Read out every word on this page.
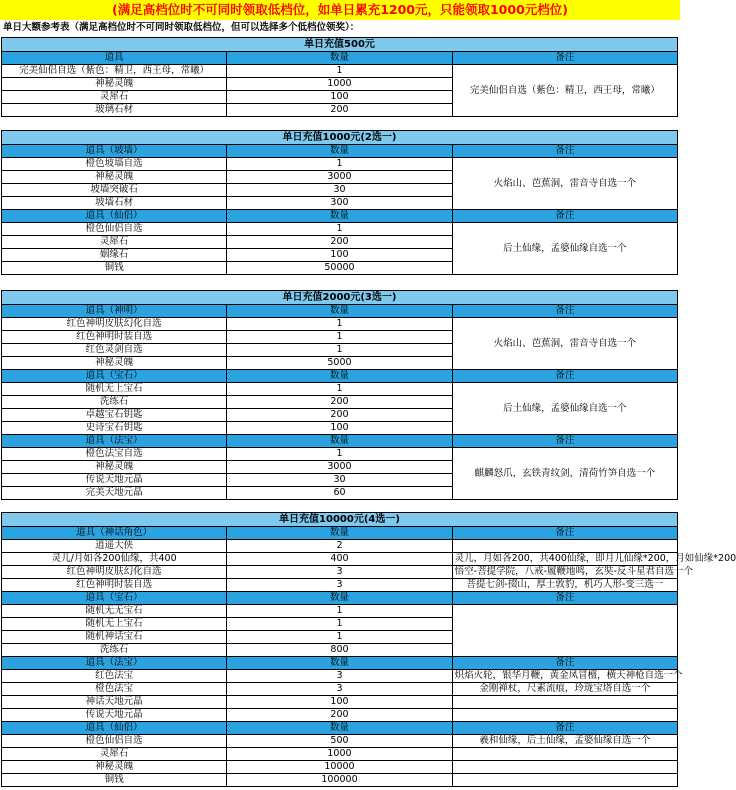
(满足高档位时不可同时领取低档位，如单日累充1200元，只能领取1000元档位)
单日大额参考表（满足高档位时不可同时领取低档位，但可以选择多个低档位领奖）：
单日充值500元		
道具	数量	备注
完美仙侣自选（紫色：精卫，西王母，常曦）	1	完美仙侣自选（紫色：精卫，西王母，常曦）
神秘灵魄	1000	
灵犀石	100	
玻璃石材	200	
单日充值1000元(2选一)		
道具（坡墙）	数量	备注
橙色坡墙自选	1	火焰山、芭蕉洞，雷音寺自选一个
神秘灵魄	3000	
坡墙突破石	30	
坡墙石材	300	
道具（仙侣）	数量	备注
橙色仙侣自选	1	后土仙缘，孟婆仙缘自选一个
灵犀石	200	
姻缘石	100	
铜钱	50000	
单日充值2000元(3选一)		
道具（神明）	数量	备注
红色神明皮肤幻化自选	1	火焰山、芭蕉洞，雷音寺自选一个
红色神明时装自选	1	
红色灵剑自选	1	
神秘灵魄	5000	
道具（宝石）	数量	备注
随机无上宝石	1	后土仙缘，孟婆仙缘自选一个
洗练石	200	
卓越宝石钥匙	200	
史诗宝石钥匙	100	
道具（法宝）	数量	备注
橙色法宝自选	1	麒麟怒爪，玄铁青纹剑，清荷竹笋自选一个
神秘灵魄	3000	
传说天地元晶	30	
完美天地元晶	60	
单日充值10000元(4选一)		
道具（神话角色）	数量	备注
逍遥大侠	2	
灵儿/月如各200仙缘，共400	400	灵儿，月如各200，共400仙缘，即月儿仙缘*200，月如仙缘*200
红色神明皮肤幻化自选	3	悟空-菩提学院，八戒-履鞭地鸣，玄奘-反斗星君自选一个
红色神明时装自选	3	菩提七剑-掇山，厚土敦豹，机巧人形-变三选一
道具（宝石）	数量	备注
随机无无宝石	1	
随机无上宝石	1	
随机神话宝石	1	
洗练石	800	
道具（法宝）	数量	备注
红色法宝	3	炽焰火轮，银华月鞭，黄金凤冒檀，横天神枪自选一个
橙色法宝	3	金刚禅杖，尺素流痕，玲珑宝塔自选一个
神话天地元晶	100	
传说天地元晶	200	
道具（仙侣）	数量	备注
橙色仙侣自选	500	羲和仙缘，后土仙缘，孟婆仙缘自选一个
灵犀石	1000	
神秘灵魄	10000	
铜钱	100000	
